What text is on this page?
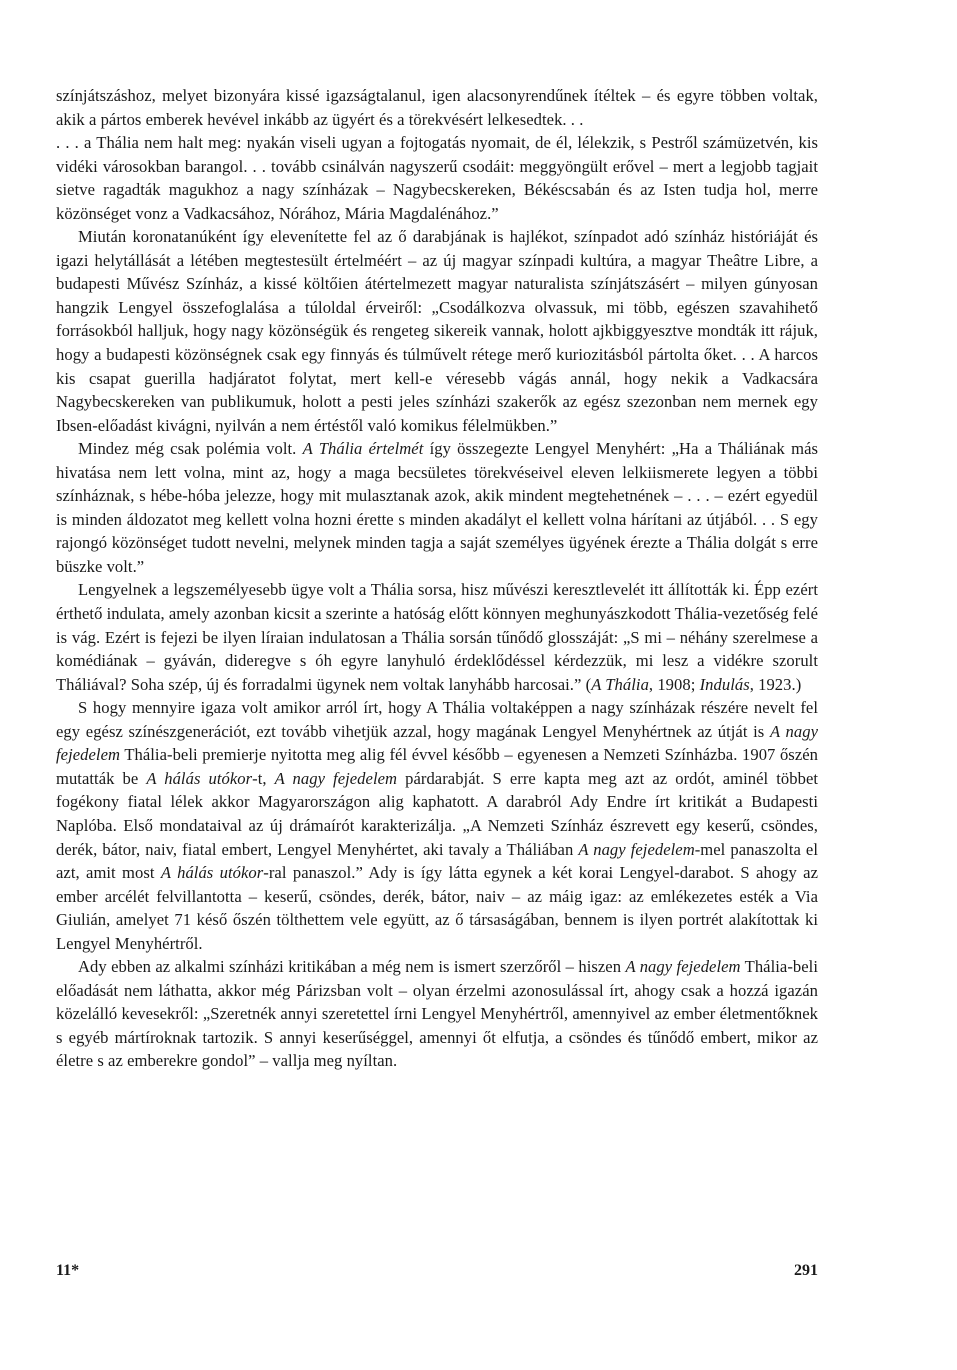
színjátszáshoz, melyet bizonyára kissé igazságtalanul, igen alacsonyrendűnek ítéltek – és egyre többen voltak, akik a pártos emberek hevével inkább az ügyért és a törekvésért lelkesedtek. . .

. . . a Thália nem halt meg: nyakán viseli ugyan a fojtogatás nyomait, de él, lélekzik, s Pestről számüzetvén, kis vidéki városokban barangol. . . tovább csinálván nagyszerű csodáit: meggyöngült erővel – mert a legjobb tagjait sietve ragadták magukhoz a nagy színházak – Nagybecskereken, Békéscsabán és az Isten tudja hol, merre közönséget vonz a Vadkacsához, Nórához, Mária Magdalénához.”

Miután koronatanúként így elevenítette fel az ő darabjának is hajlékot, színpadot adó színház históriáját és igazi helytállását a létében megtestesült értelméért – az új magyar színpadi kultúra, a magyar Theâtre Libre, a budapesti Művész Színház, a kissé költőien átértelmezett magyar naturalista színjátszásért – milyen gúnyosan hangzik Lengyel összefoglalása a túloldal érveiről: „Csodálkozva olvassuk, mi több, egészen szavahihető forrásokból halljuk, hogy nagy közönségük és rengeteg sikereik vannak, holott ajkbiggyesztve mondták itt rájuk, hogy a budapesti közönségnek csak egy finnyás és túlművelt rétege merő kuriozitásból pártolta őket. . . A harcos kis csapat guerilla hadjáratot folytat, mert kell-e véresebb vágás annál, hogy nekik a Vadkacsára Nagybecskereken van publikumuk, holott a pesti jeles színházi szakerők az egész szezonban nem mernek egy Ibsen-előadást kivágni, nyilván a nem értéstől való komikus félelmükben.”

Mindez még csak polémia volt. A Thália értelmét így összegezte Lengyel Menyhért: „Ha a Tháliának más hivatása nem lett volna, mint az, hogy a maga becsületes törekvéseivel eleven lelkiismerete legyen a többi színháznak, s hébe-hóba jelezze, hogy mit mulasztanak azok, akik mindent megtehetnének – . . . – ezért egyedül is minden áldozatot meg kellett volna hozni érette s minden akadályt el kellett volna hárítani az útjából. . . S egy rajongó közönséget tudott nevelni, melynek minden tagja a saját személyes ügyének érezte a Thália dolgát s erre büszke volt.”

Lengyelnek a legszemélyesebb ügye volt a Thália sorsa, hisz művészi keresztlevelét itt állították ki. Épp ezért érthető indulata, amely azonban kicsit a szerinte a hatóság előtt könnyen meghunyászkodott Thália-vezetőség felé is vág. Ezért is fejezi be ilyen líraian indulatosan a Thália sorsán tűnődő glosszáját: „S mi – néhány szerelmese a komédiának – gyáván, dideregve s óh egyre lanyhuló érdeklődéssel kérdezzük, mi lesz a vidékre szorult Tháliával? Soha szép, új és forradalmi ügynek nem voltak lanyhább harcosai.” (A Thália, 1908; Indulás, 1923.)

S hogy mennyire igaza volt amikor arról írt, hogy A Thália voltaképpen a nagy színházak részére nevelt fel egy egész színészgenerációt, ezt tovább vihetjük azzal, hogy magának Lengyel Menyhértnek az útját is A nagy fejedelem Thália-beli premierje nyitotta meg alig fél évvel később – egyenesen a Nemzeti Színházba. 1907 őszén mutatták be A hálás utókor-t, A nagy fejedelem párdarabját. S erre kapta meg azt az ordót, aminél többet fogékony fiatal lélek akkor Magyarországon alig kaphatott. A darabról Ady Endre írt kritikát a Budapesti Naplóba. Első mondataival az új drámaírót karakterizálja. „A Nemzeti Színház észrevett egy keserű, csöndes, derék, bátor, naiv, fiatal embert, Lengyel Menyhértet, aki tavaly a Tháliában A nagy fejedelem-mel panaszolta el azt, amit most A hálás utókor-ral panaszol.” Ady is így látta egynek a két korai Lengyel-darabot. S ahogy az ember arcélét felvillantotta – keserű, csöndes, derék, bátor, naiv – az máig igaz: az emlékezetes esték a Via Giulián, amelyet 71 késő őszén tölthettem vele együtt, az ő társaságában, bennem is ilyen portrét alakítottak ki Lengyel Menyhértről.

Ady ebben az alkalmi színházi kritikában a még nem is ismert szerzőről – hiszen A nagy fejedelem Thália-beli előadását nem láthatta, akkor még Párizsban volt – olyan érzelmi azonosulással írt, ahogy csak a hozzá igazán közelálló kevesekről: „Szeretnék annyi szeretettel írni Lengyel Menyhértről, amennyivel az ember életmentőknek s egyéb mártíroknak tartozik. S annyi keserűséggel, amennyi őt elfutja, a csöndes és tűnődő embert, mikor az életre s az emberekre gondol” – vallja meg nyíltan.

11*	291
